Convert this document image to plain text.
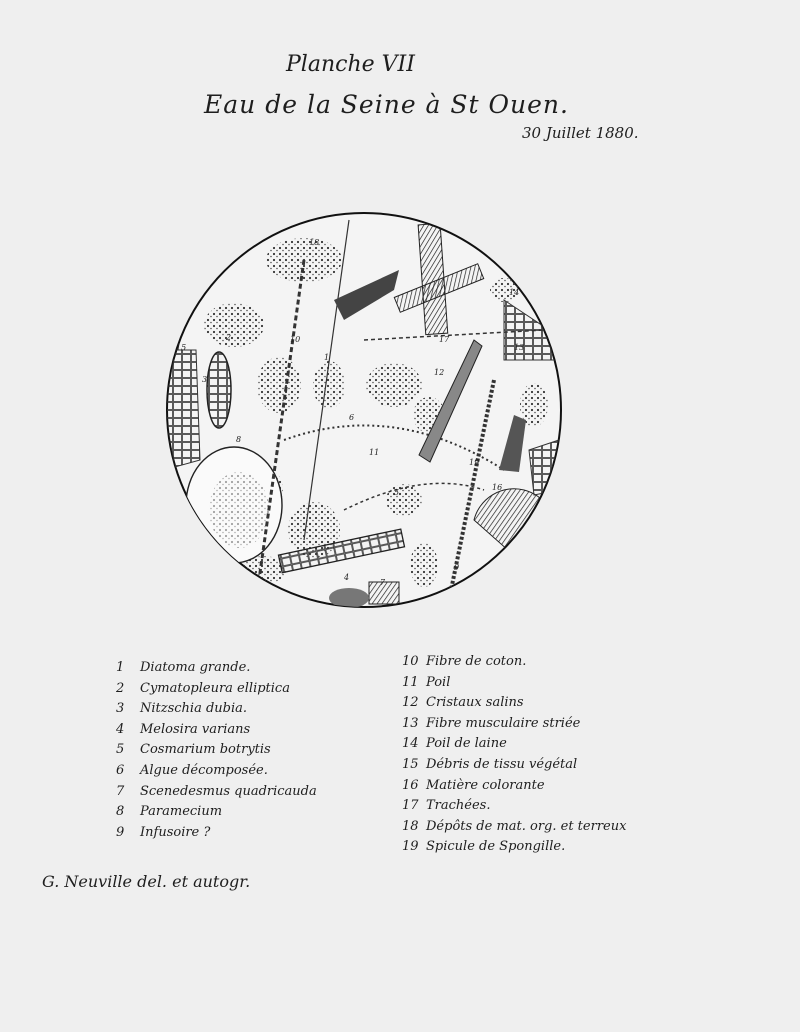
Planche VII
Eau de la Seine à St Ouen.
30 Juillet 1880.
1
2
3
4
5
6
7
8
9
10
11
12
13
14
15
16
17
18
19
1 Diatoma grande.
2 Cymatopleura elliptica
3 Nitzschia dubia.
4 Melosira varians
5 Cosmarium botrytis
6 Algue décomposée.
7 Scenedesmus quadricauda
8 Paramecium
9 Infusoire ?
10 Fibre de coton.
11 Poil
12 Cristaux salins
13 Fibre musculaire striée
14 Poil de laine
15 Débris de tissu végétal
16 Matière colorante
17 Trachées.
18 Dépôts de mat. org. et terreux
19 Spicule de Spongille.
G. Neuville del. et autogr.
